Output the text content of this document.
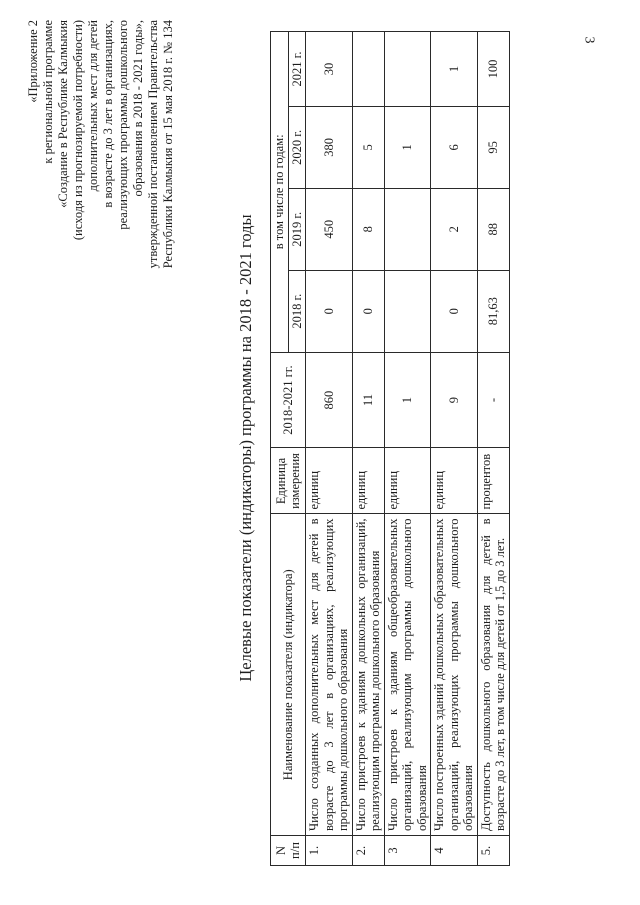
3
«Приложение 2 к региональной программе «Создание в Республике Калмыкия (исходя из прогнозируемой потребности) дополнительных мест для детей в возрасте до 3 лет в организациях, реализующих программы дошкольного образования в 2018 - 2021 годы», утвержденной постановлением Правительства Республики Калмыкия от 15 мая 2018 г. № 134
Целевые показатели (индикаторы) программы на 2018 - 2021 годы
N п/п	Наименование показателя (индикатора)	Единица измерения	2018-2021 гг.	в том числе по годам:			
				2018 г.	2019 г.	2020 г.	2021 г.
1.	Число созданных дополнительных мест для детей в возрасте до 3 лет в организациях, реализующих программы дошкольного образования	единиц	860	0	450	380	30
2.	Число пристроев к зданиям дошкольных организаций, реализующим программы дошкольного образования	единиц	11	0	8	5	
3	Число пристроев к зданиям общеобразовательных организаций, реализующим программы дошкольного образования	единиц	1			1	
4	Число построенных зданий дошкольных образовательных организаций, реализующих программы дошкольного образования	единиц	9	0	2	6	1
5.	Доступность дошкольного образования для детей в возрасте до 3 лет, в том числе для детей от 1,5 до 3 лет.	процентов	-	81,63	88	95	100
